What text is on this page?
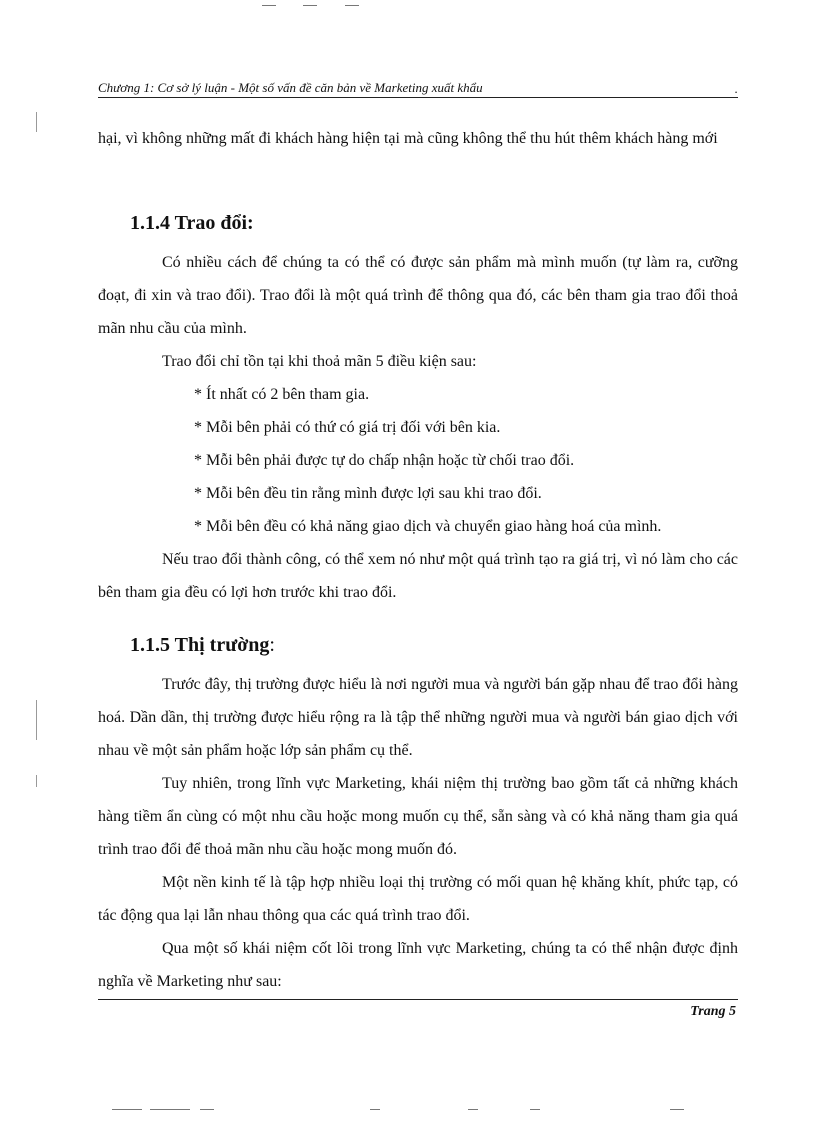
Chương 1: Cơ sở lý luận - Một số vấn đề căn bản về Marketing xuất khẩu	.

hại, vì không những mất đi khách hàng hiện tại mà cũng không thể thu hút thêm khách hàng mới

1.1.4 Trao đổi:

Có nhiều cách để chúng ta có thể có được sản phẩm mà mình muốn (tự làm ra, cưỡng đoạt, đi xin và trao đổi). Trao đổi là một quá trình để thông qua đó, các bên tham gia trao đổi thoả mãn nhu cầu của mình.

Trao đổi chỉ tồn tại khi thoả mãn 5 điều kiện sau:

* Ít nhất có 2 bên tham gia.

* Mỗi bên phải có thứ có giá trị đối với bên kia.

* Mỗi bên phải được tự do chấp nhận hoặc từ chối trao đổi.

* Mỗi bên đều tin rằng mình được lợi sau khi trao đổi.

* Mỗi bên đều có khả năng giao dịch và chuyển giao hàng hoá của mình.

Nếu trao đổi thành công, có thể xem nó như một quá trình tạo ra giá trị, vì nó làm cho các bên tham gia đều có lợi hơn trước khi trao đổi.

1.1.5 Thị trường:

Trước đây, thị trường được hiểu là nơi người mua và người bán gặp nhau để trao đổi hàng hoá. Dần dần, thị trường được hiểu rộng ra là tập thể những người mua và người bán giao dịch với nhau về một sản phẩm hoặc lớp sản phẩm cụ thể.

Tuy nhiên, trong lĩnh vực Marketing, khái niệm thị trường bao gồm tất cả những khách hàng tiềm ẩn cùng có một nhu cầu hoặc mong muốn cụ thể, sẵn sàng và có khả năng tham gia quá trình trao đổi để thoả mãn nhu cầu hoặc mong muốn đó.

Một nền kinh tế là tập hợp nhiều loại thị trường có mối quan hệ khăng khít, phức tạp, có tác động qua lại lẫn nhau thông qua các quá trình trao đổi.

Qua một số khái niệm cốt lõi trong lĩnh vực Marketing, chúng ta có thể nhận được định nghĩa về Marketing như sau:

Trang 5
